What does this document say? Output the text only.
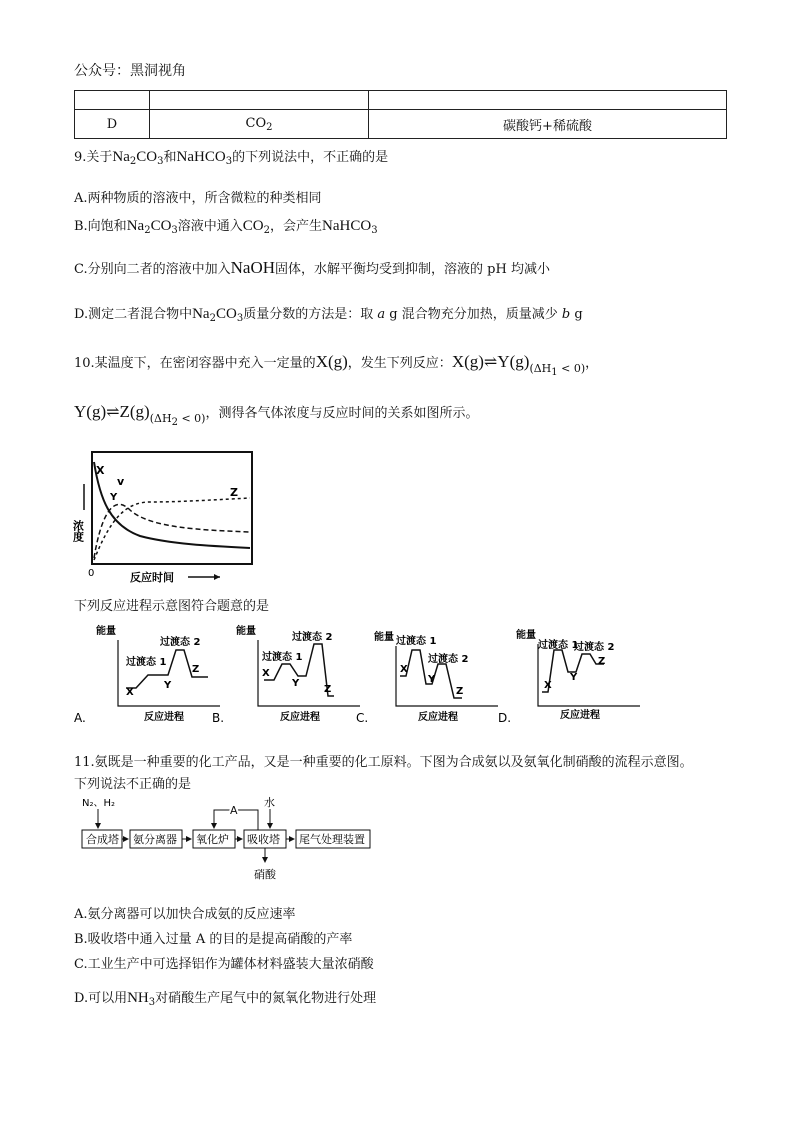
公众号：黑洞视角

D	$CO_2$	碳酸钙+稀硫酸
9.关于$Na_2CO_3$和NaHCO$_3$的下列说法中，不正确的是
A.两种物质的溶液中，所含微粒的种类相同
B.向饱和$Na_2CO_3$溶液中通入$CO_2$，会产生NaHCO$_3$
C.分别向二者的溶液中加入NaOH固体，水解平衡均受到抑制，溶液的 pH 均减小
D.测定二者混合物中$Na_2CO_3$质量分数的方法是：取 a g 混合物充分加热，质量减少 b g
10.某温度下，在密闭容器中充入一定量的X(g)，发生下列反应：$X(g)\rightleftharpoons Y(g)_{(\Delta H_1 < 0)}$，
$Y(g)\rightleftharpoons Z(g)_{(\Delta H_2 < 0)}$，测得各气体浓度与反应时间的关系如图所示。
X
Y	Z
v
浓度
0	反应时间
下列反应进程示意图符合题意的是
能量
过渡态 1
过渡态 2
X
Y
Z
反应进程
A.
能量
过渡态 1
过渡态 2
X
Y
Z
反应进程
B.
能量 过渡态 1
过渡态 2
X
Y
Z
反应进程
C.
能量
过渡态 1
过渡态 2
X
Y
Z
反应进程
D.
11.氨既是一种重要的化工产品，又是一种重要的化工原料。下图为合成氨以及氨氧化制硝酸的流程示意图。
下列说法不正确的是
N₂、H₂
合成塔 氨分离器 氧化炉 吸收塔 尾气处理装置
A
水
硝酸
A.氨分离器可以加快合成氨的反应速率
B.吸收塔中通入过量 A 的目的是提高硝酸的产率
C.工业生产中可选择铝作为罐体材料盛装大量浓硝酸
D.可以用$NH_3$对硝酸生产尾气中的氮氧化物进行处理
